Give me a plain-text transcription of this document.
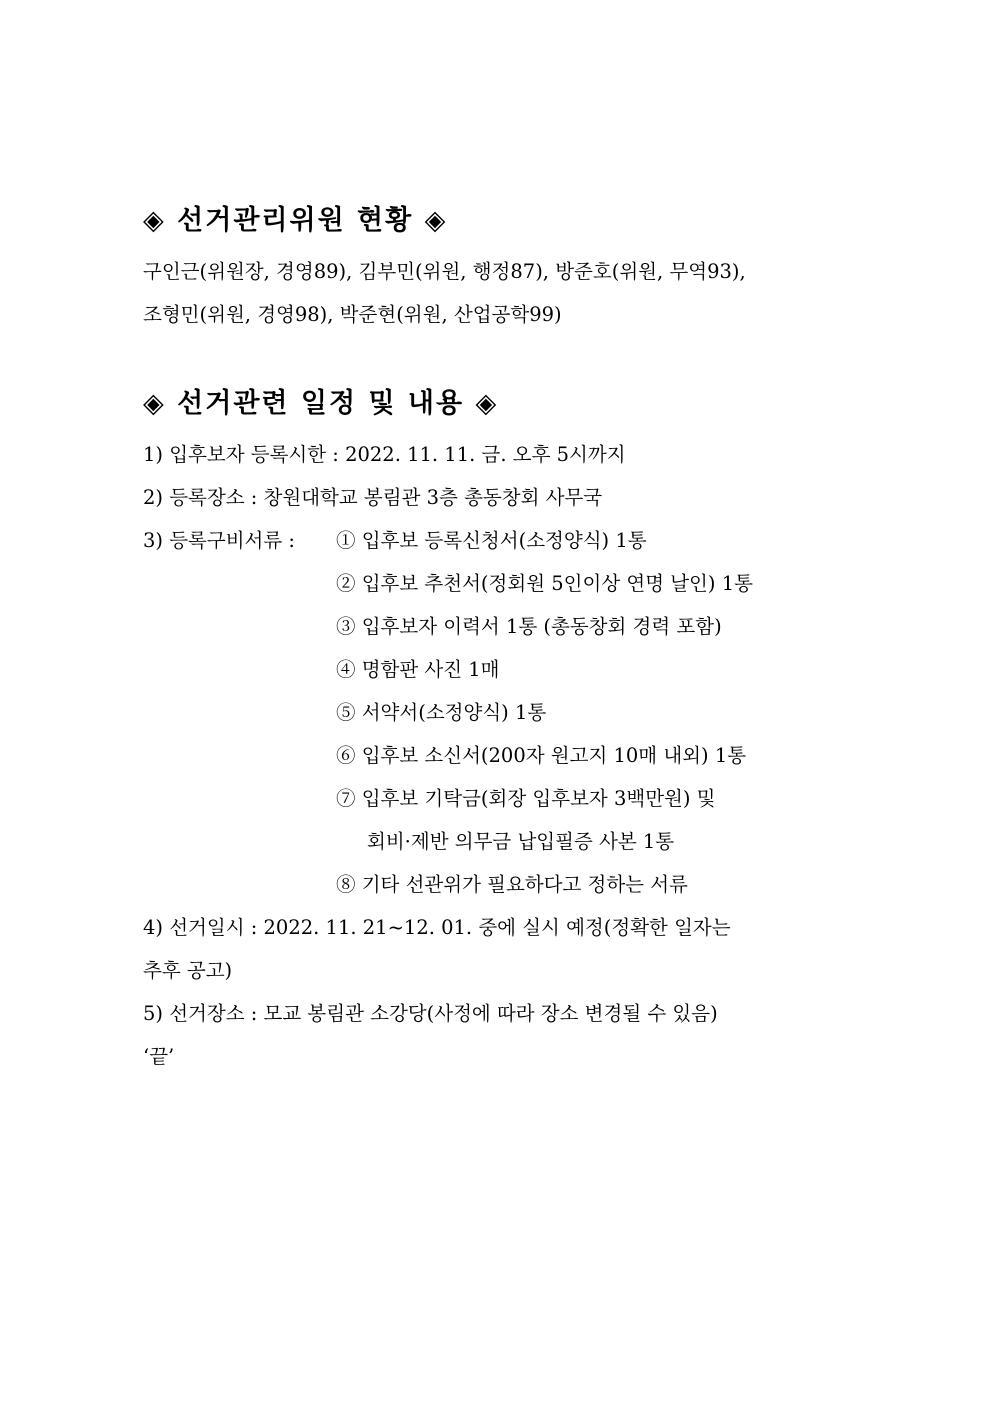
◈ 선거관리위원 현황 ◈
구인근(위원장, 경영89), 김부민(위원, 행정87), 방준호(위원, 무역93),
조형민(위원, 경영98), 박준현(위원, 산업공학99)
◈ 선거관련 일정 및 내용 ◈
1) 입후보자 등록시한 : 2022. 11. 11. 금. 오후 5시까지
2) 등록장소 : 창원대학교 봉림관 3층 총동창회 사무국
3) 등록구비서류 :① 입후보 등록신청서(소정양식) 1통
② 입후보 추천서(정회원 5인이상 연명 날인) 1통
③ 입후보자 이력서 1통 (총동창회 경력 포함)
④ 명함판 사진 1매
⑤ 서약서(소정양식) 1통
⑥ 입후보 소신서(200자 원고지 10매 내외) 1통
⑦ 입후보 기탁금(회장 입후보자 3백만원) 및
회비·제반 의무금 납입필증 사본 1통
⑧ 기타 선관위가 필요하다고 정하는 서류
4) 선거일시 : 2022. 11. 21~12. 01. 중에 실시 예정(정확한 일자는
추후 공고)
5) 선거장소 : 모교 봉림관 소강당(사정에 따라 장소 변경될 수 있음)
‘끝’
